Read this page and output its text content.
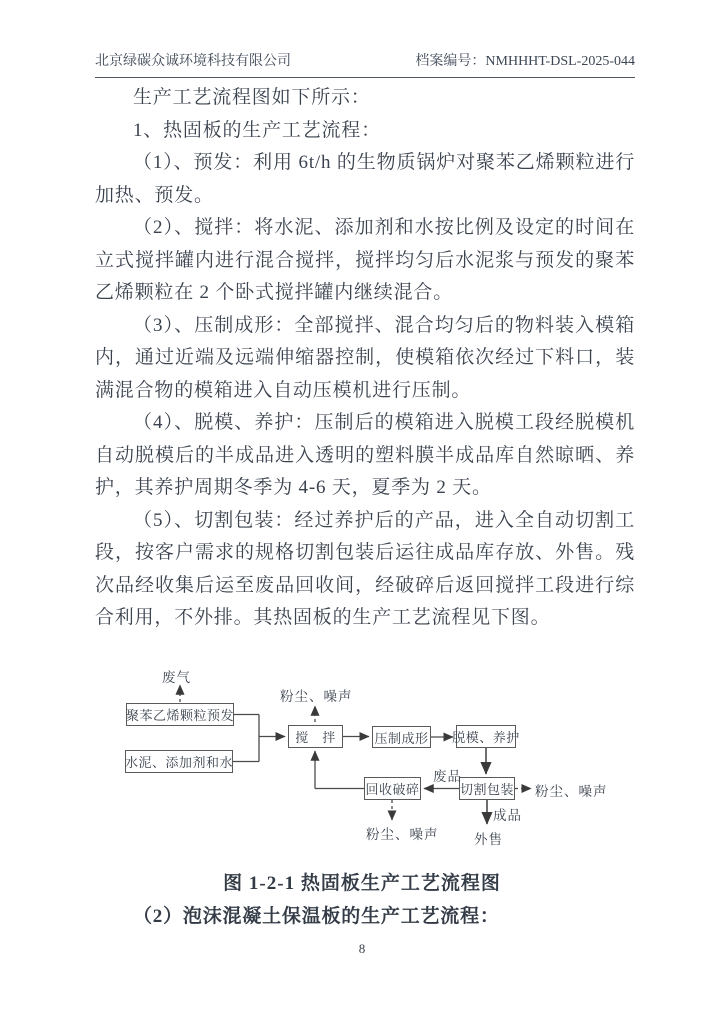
北京绿碳众诚环境科技有限公司	档案编号：NMHHHT-DSL-2025-044

生产工艺流程图如下所示：

1、热固板的生产工艺流程：

（1）、预发：利用 6t/h 的生物质锅炉对聚苯乙烯颗粒进行加热、预发。

（2）、搅拌：将水泥、添加剂和水按比例及设定的时间在立式搅拌罐内进行混合搅拌，搅拌均匀后水泥浆与预发的聚苯乙烯颗粒在 2 个卧式搅拌罐内继续混合。

（3）、压制成形：全部搅拌、混合均匀后的物料装入模箱内，通过近端及远端伸缩器控制，使模箱依次经过下料口，装满混合物的模箱进入自动压模机进行压制。

（4）、脱模、养护：压制后的模箱进入脱模工段经脱模机自动脱模后的半成品进入透明的塑料膜半成品库自然晾晒、养护，其养护周期冬季为 4-6 天，夏季为 2 天。

（5）、切割包装：经过养护后的产品，进入全自动切割工段，按客户需求的规格切割包装后运往成品库存放、外售。残次品经收集后运至废品回收间，经破碎后返回搅拌工段进行综合利用，不外排。其热固板的生产工艺流程见下图。

聚苯乙烯颗粒预发
水泥、添加剂和水
搅　拌	压制成形 脱模、养护
回收破碎	切割包装
废气
粉尘、噪声
废品
粉尘、噪声
成品
外售
粉尘、噪声
图 1-2-1 热固板生产工艺流程图
（2）泡沫混凝土保温板的生产工艺流程：
8
